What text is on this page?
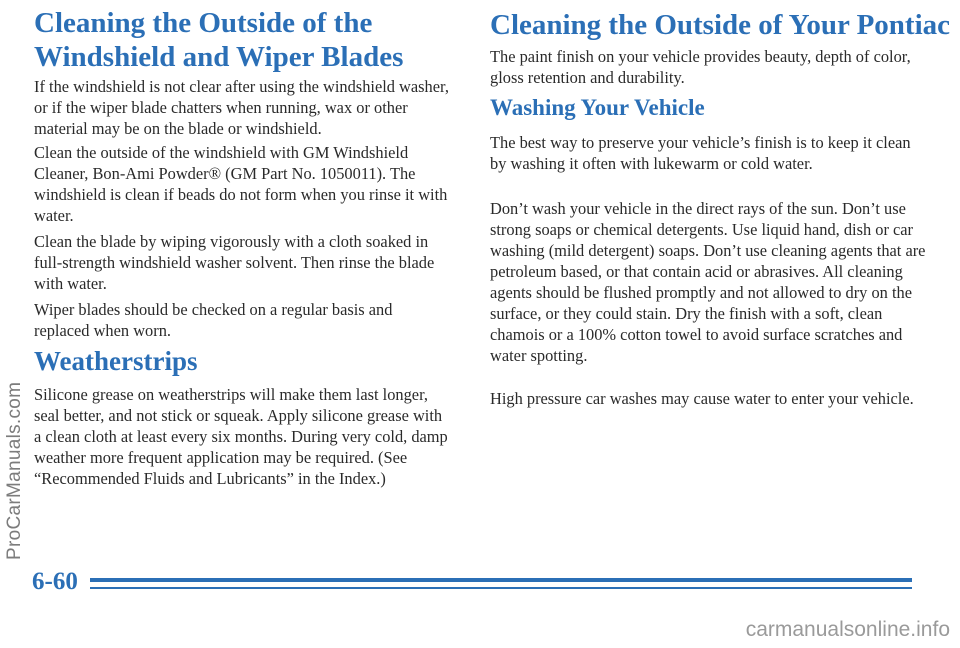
Cleaning the Outside of the Windshield and Wiper Blades

If the windshield is not clear after using the windshield washer, or if the wiper blade chatters when running, wax or other material may be on the blade or windshield.

Clean the outside of the windshield with GM Windshield Cleaner, Bon-Ami Powder® (GM Part No. 1050011). The windshield is clean if beads do not form when you rinse it with water.

Clean the blade by wiping vigorously with a cloth soaked in full-strength windshield washer solvent. Then rinse the blade with water.

Wiper blades should be checked on a regular basis and replaced when worn.

Weatherstrips

Silicone grease on weatherstrips will make them last longer, seal better, and not stick or squeak. Apply silicone grease with a clean cloth at least every six months. During very cold, damp weather more frequent application may be required. (See “Recommended Fluids and Lubricants” in the Index.)

Cleaning the Outside of Your Pontiac

The paint finish on your vehicle provides beauty, depth of color, gloss retention and durability.

Washing Your Vehicle

The best way to preserve your vehicle’s finish is to keep it clean by washing it often with lukewarm or cold water.

Don’t wash your vehicle in the direct rays of the sun. Don’t use strong soaps or chemical detergents. Use liquid hand, dish or car washing (mild detergent) soaps. Don’t use cleaning agents that are petroleum based, or that contain acid or abrasives. All cleaning agents should be flushed promptly and not allowed to dry on the surface, or they could stain. Dry the finish with a soft, clean chamois or a 100% cotton towel to avoid surface scratches and water spotting.

High pressure car washes may cause water to enter your vehicle.

6-60
ProCarManuals.com
carmanualsonline.info
